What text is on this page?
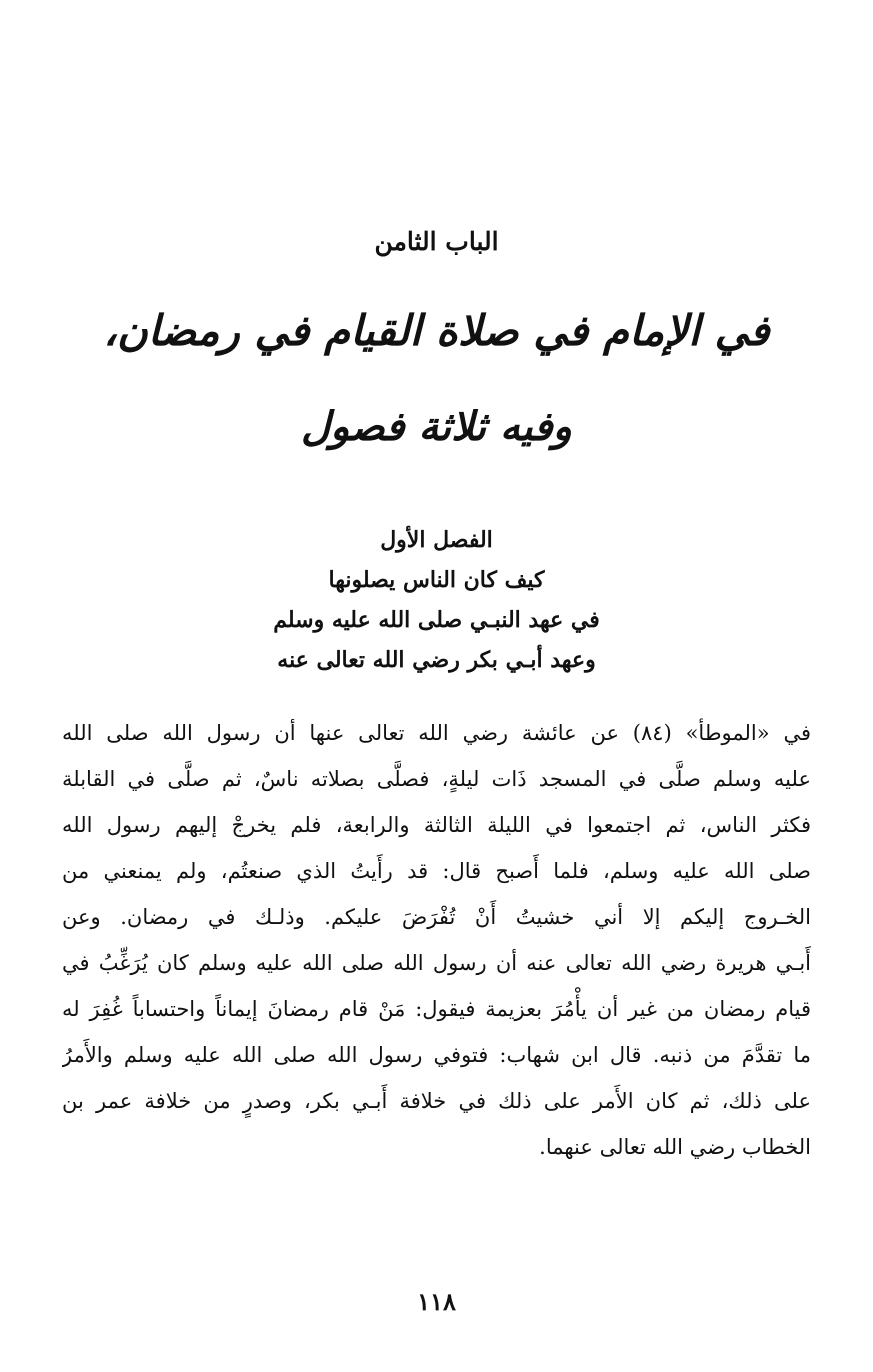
الباب الثامن
في الإمام في صلاة القيام في رمضان،
وفيه ثلاثة فصول
الفصل الأول
كيف كان الناس يصلونها
في عهد النبـي صلى الله عليه وسلم
وعهد أبـي بكر رضي الله تعالى عنه
في «الموطأ» (٨٤) عن عائشة رضي الله تعالى عنها أن رسول الله صلى الله
عليه وسلم صلَّى في المسجد ذَات ليلةٍ، فصلَّى بصلاته ناسٌ، ثم صلَّى في القابلة
فكثر الناس، ثم اجتمعوا في الليلة الثالثة والرابعة، فلم يخرجْ إليهم رسول الله
صلى الله عليه وسلم، فلما أَصبح قال: قد رأَيتُ الذي صنعتُم، ولم يمنعني من
الخـروج إليكم إلا أني خشيتُ أَنْ تُفْرَضَ عليكم. وذلـك في رمضان. وعن
أَبـي هريرة رضي الله تعالى عنه أن رسول الله صلى الله عليه وسلم كان يُرَغِّبُ في
قيام رمضان من غير أن يأْمُرَ بعزيمة فيقول: مَنْ قام رمضانَ إيماناً واحتساباً غُفِرَ له
ما تقدَّمَ من ذنبه. قال ابن شهاب: فتوفي رسول الله صلى الله عليه وسلم والأَمرُ
على ذلك، ثم كان الأَمر على ذلك في خلافة أَبـي بكر، وصدرٍ من خلافة عمر بن
الخطاب رضي الله تعالى عنهما.
١١٨
